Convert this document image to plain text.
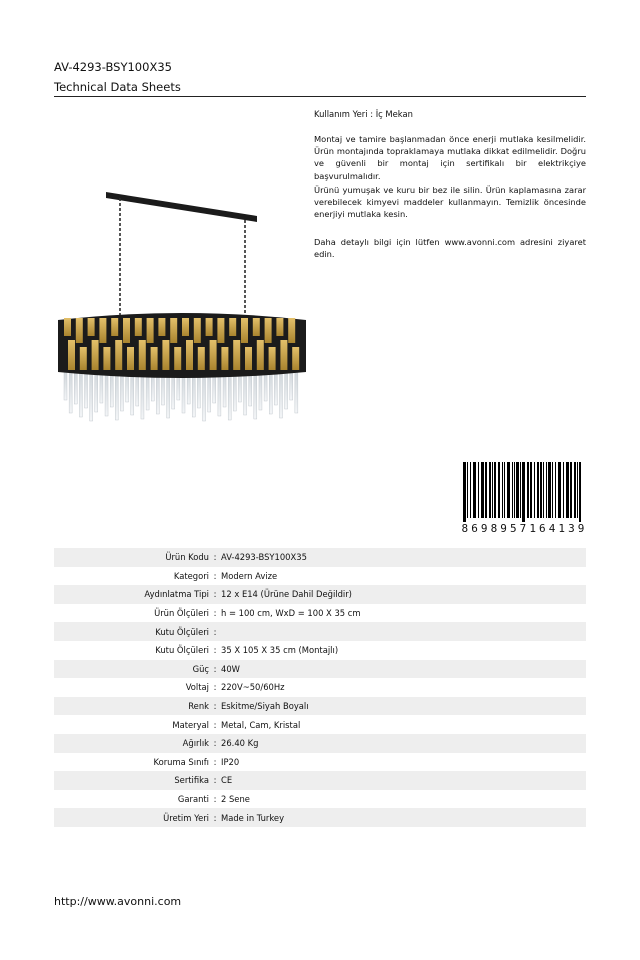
AV-4293-BSY100X35
Technical Data Sheets
Kullanım Yeri : İç Mekan

Montaj ve tamire başlanmadan önce enerji mutlaka kesilmelidir. Ürün montajında topraklamaya mutlaka dikkat edilmelidir. Doğru ve güvenli bir montaj için sertifikalı bir elektrikçiye başvurulmalıdır.

Ürünü yumuşak ve kuru bir bez ile silin. Ürün kaplamasına zarar verebilecek kimyevi maddeler kullanmayın. Temizlik öncesinde enerjiyi mutlaka kesin.

Daha detaylı bilgi için lütfen www.avonni.com adresini ziyaret edin.

8 6 9 8 9 5 7 1 6 4 1 3 9
Ürün Kodu : AV-4293-BSY100X35
Kategori : Modern Avize
Aydınlatma Tipi : 12 x E14 (Ürüne Dahil Değildir)
Ürün Ölçüleri : h = 100 cm, WxD = 100 X 35 cm
Kutu Ölçüleri :
Kutu Ölçüleri : 35 X 105 X 35 cm (Montajlı)
Güç : 40W
Voltaj : 220V~50/60Hz
Renk : Eskitme/Siyah Boyalı
Materyal : Metal, Cam, Kristal
Ağırlık : 26.40 Kg
Koruma Sınıfı : IP20
Sertifika : CE
Garanti : 2 Sene
Üretim Yeri : Made in Turkey
http://www.avonni.com
